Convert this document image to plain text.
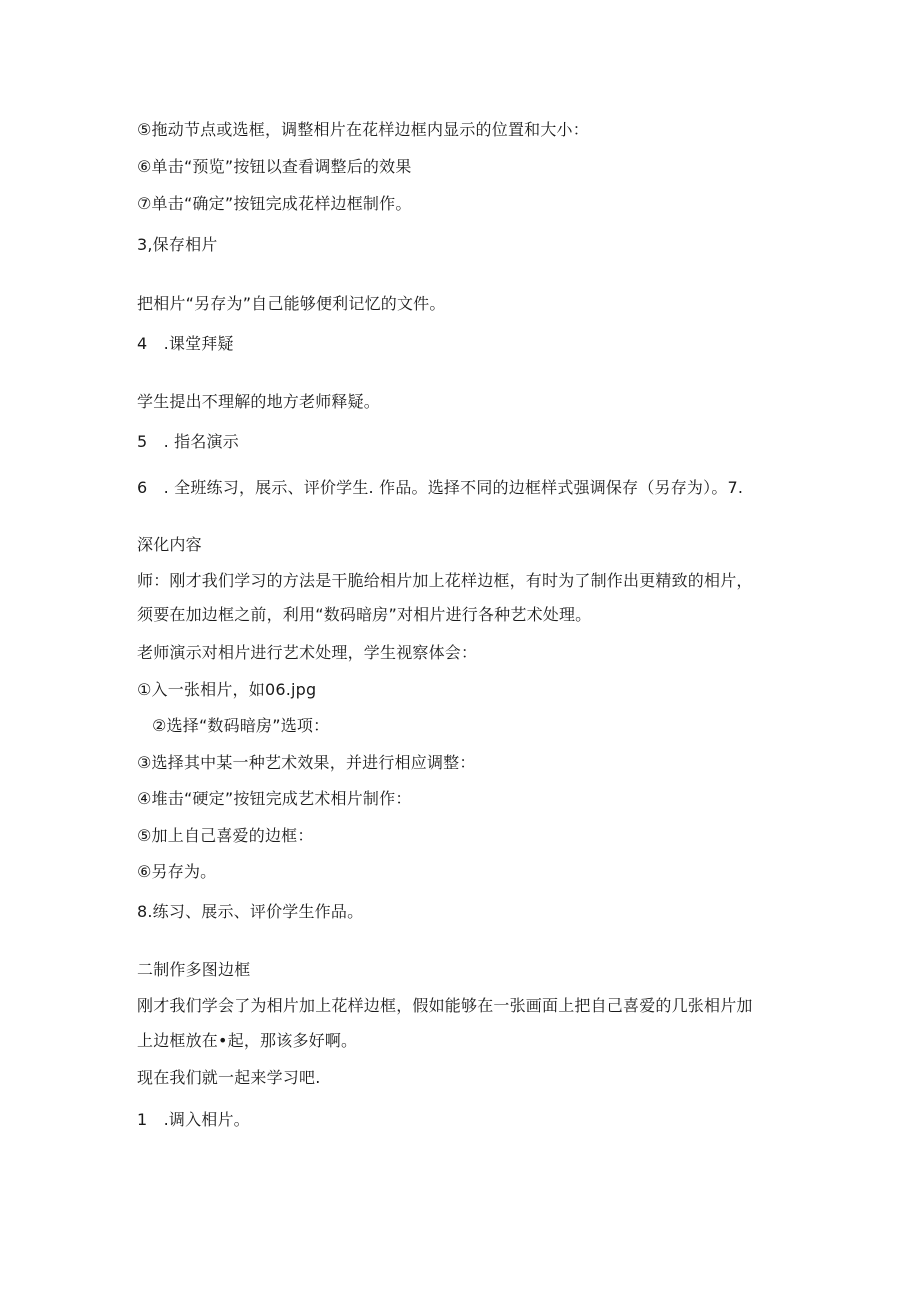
⑤拖动节点或选框，调整相片在花样边框内显示的位置和大小：
⑥单击“预览”按钮以查看调整后的效果
⑦单击“确定”按钮完成花样边框制作。
3,保存相片
把相片“另存为”自己能够便利记忆的文件。
4　.课堂拜疑
学生提出不理解的地方老师释疑。
5　. 指名演示
6　. 全班练习，展示、评价学生. 作品。选择不同的边框样式强调保存（另存为）。7.
深化内容
师：刚才我们学习的方法是干脆给相片加上花样边框，有时为了制作出更精致的相片，
须要在加边框之前，利用“数码暗房”对相片进行各种艺术处理。
老师演示对相片进行艺术处理，学生视察体会：
①入一张相片，如06.jpg
②选择“数码暗房”选项：
③选择其中某一种艺术效果，并进行相应调整：
④堆击“硬定”按钮完成艺术相片制作：
⑤加上自己喜爱的边框：
⑥另存为。
8.练习、展示、评价学生作品。
二制作多图边框
刚才我们学会了为相片加上花样边框，假如能够在一张画面上把自己喜爱的几张相片加
上边框放在•起，那该多好啊。
现在我们就一起来学习吧.
1　.调入相片。
